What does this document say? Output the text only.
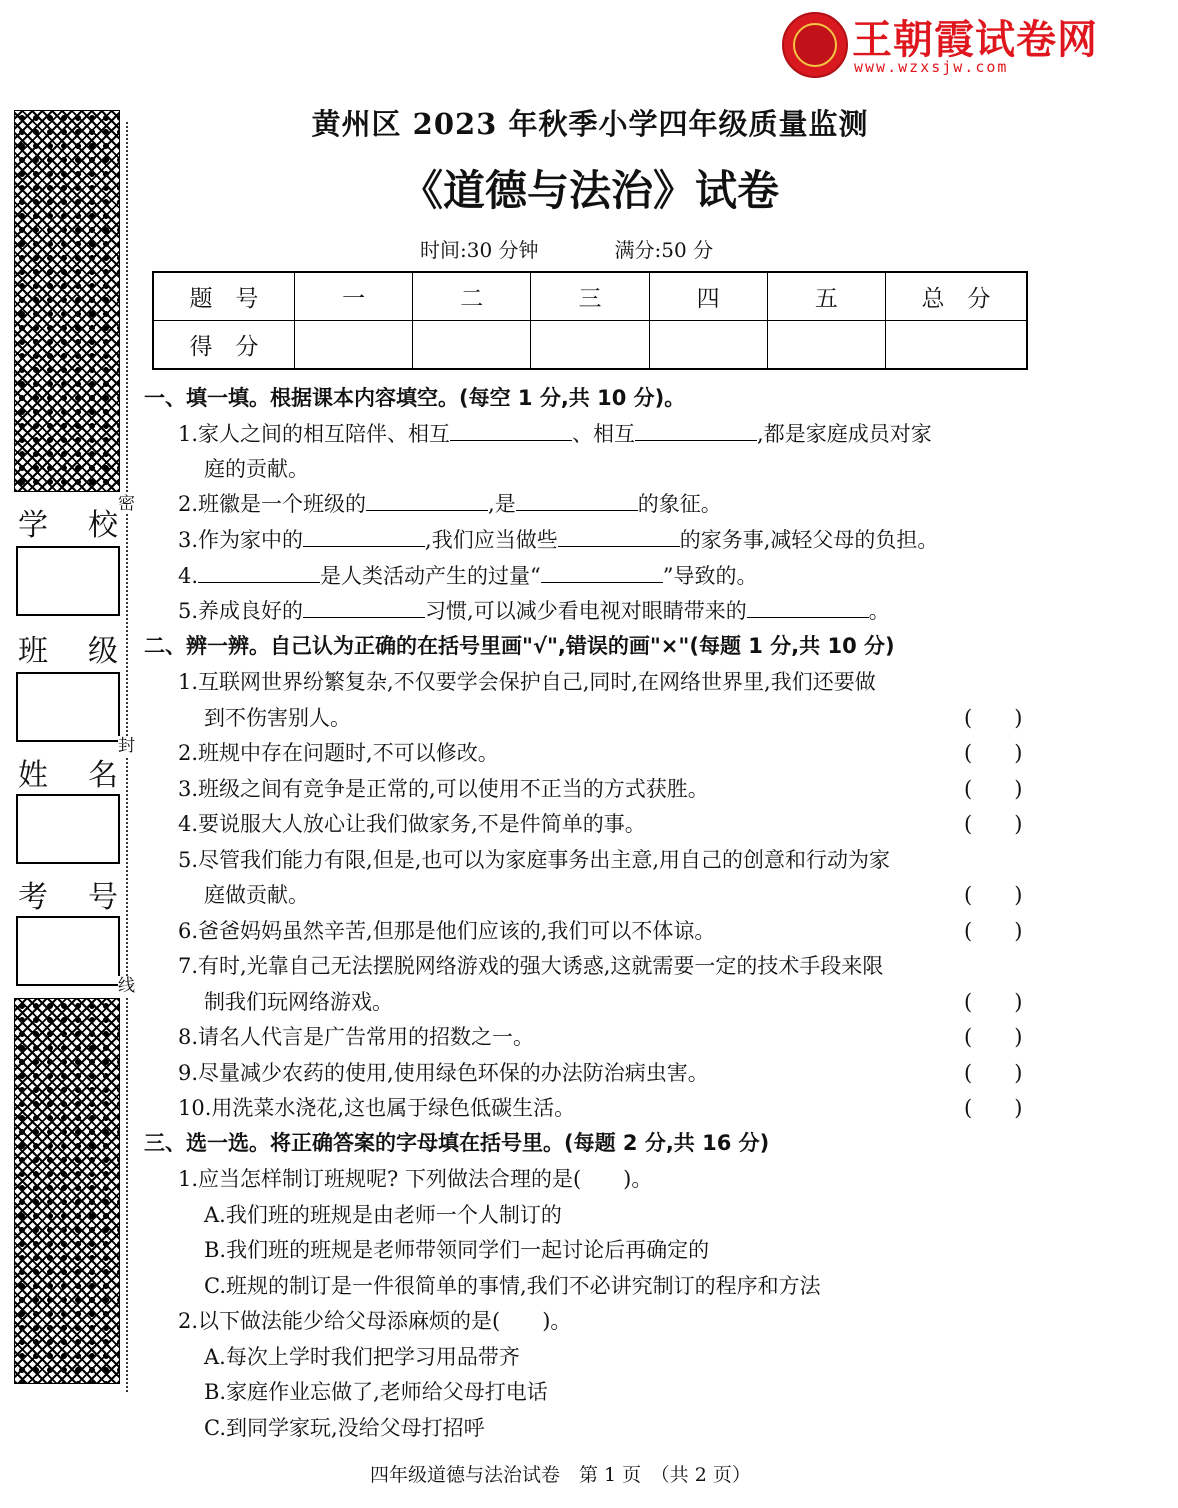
王朝霞试卷网
www.wzxsjw.com
学 校
班 级
姓 名
考 号
密
封
线
黄州区 2023 年秋季小学四年级质量监测
《道德与法治》试卷
时间:30 分钟	满分:50 分
题　号	一	二	三	四	五	总　分
得　分						
一、填一填。根据课本内容填空。(每空 1 分,共 10 分)。
1.家人之间的相互陪伴、相互	、相互	,都是家庭成员对家
庭的贡献。
2.班徽是一个班级的	,是	的象征。
3.作为家中的	,我们应当做些	的家务事,减轻父母的负担。
4.	是人类活动产生的过量“	”导致的。
5.养成良好的	习惯,可以减少看电视对眼睛带来的	。
二、辨一辨。自己认为正确的在括号里画"√",错误的画"×"(每题 1 分,共 10 分)
1.互联网世界纷繁复杂,不仅要学会保护自己,同时,在网络世界里,我们还要做
到不伤害别人。	(　　)
2.班规中存在问题时,不可以修改。	(　　)
3.班级之间有竞争是正常的,可以使用不正当的方式获胜。	(　　)
4.要说服大人放心让我们做家务,不是件简单的事。	(　　)
5.尽管我们能力有限,但是,也可以为家庭事务出主意,用自己的创意和行动为家
庭做贡献。	(　　)
6.爸爸妈妈虽然辛苦,但那是他们应该的,我们可以不体谅。	(　　)
7.有时,光靠自己无法摆脱网络游戏的强大诱惑,这就需要一定的技术手段来限
制我们玩网络游戏。	(　　)
8.请名人代言是广告常用的招数之一。	(　　)
9.尽量减少农药的使用,使用绿色环保的办法防治病虫害。	(　　)
10.用洗菜水浇花,这也属于绿色低碳生活。	(　　)
三、选一选。将正确答案的字母填在括号里。(每题 2 分,共 16 分)
1.应当怎样制订班规呢? 下列做法合理的是(　　)。
A.我们班的班规是由老师一个人制订的
B.我们班的班规是老师带领同学们一起讨论后再确定的
C.班规的制订是一件很简单的事情,我们不必讲究制订的程序和方法
2.以下做法能少给父母添麻烦的是(　　)。
A.每次上学时我们把学习用品带齐
B.家庭作业忘做了,老师给父母打电话
C.到同学家玩,没给父母打招呼
四年级道德与法治试卷　第 1 页　（共 2 页）
